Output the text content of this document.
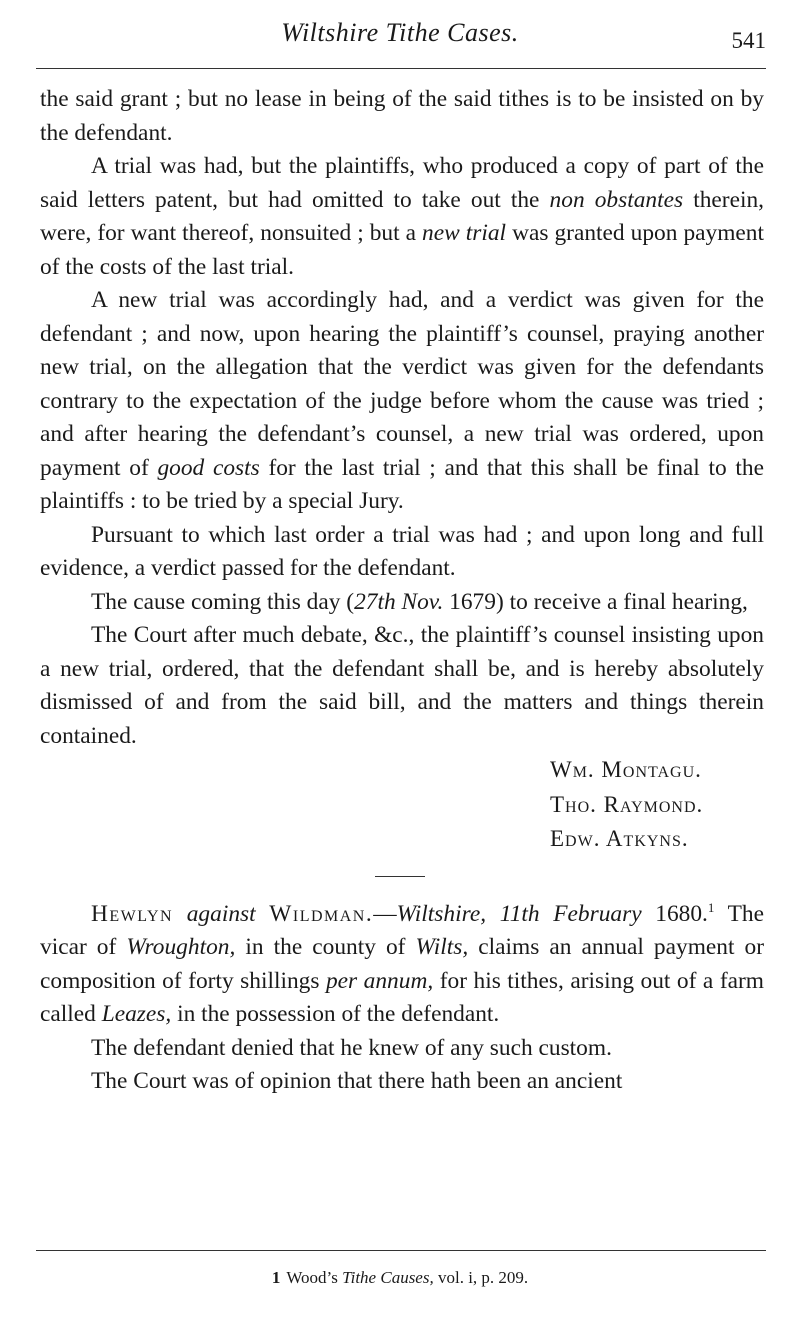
Wiltshire Tithe Cases.	541

the said grant ; but no lease in being of the said tithes is to be insisted on by the defendant.

A trial was had, but the plaintiffs, who produced a copy of part of the said letters patent, but had omitted to take out the non obstantes therein, were, for want thereof, nonsuited ; but a new trial was granted upon payment of the costs of the last trial.

A new trial was accordingly had, and a verdict was given for the defendant ; and now, upon hearing the plaintiff’s counsel, praying another new trial, on the allegation that the verdict was given for the defendants contrary to the expectation of the judge before whom the cause was tried ; and after hearing the defendant’s counsel, a new trial was ordered, upon payment of good costs for the last trial ; and that this shall be final to the plaintiffs : to be tried by a special Jury.

Pursuant to which last order a trial was had ; and upon long and full evidence, a verdict passed for the defendant.

The cause coming this day (27th Nov. 1679) to receive a final hearing,

The Court after much debate, &c., the plaintiff’s counsel insisting upon a new trial, ordered, that the defendant shall be, and is hereby absolutely dismissed of and from the said bill, and the matters and things therein contained.

Wm. Montagu.
Tho. Raymond.
Edw. Atkyns.

Hewlyn against Wildman.—Wiltshire, 11th February 1680.$^1$ The vicar of Wroughton, in the county of Wilts, claims an annual payment or composition of forty shillings per annum, for his tithes, arising out of a farm called Leazes, in the possession of the defendant.

The defendant denied that he knew of any such custom.

The Court was of opinion that there hath been an ancient

1 Wood’s Tithe Causes, vol. i, p. 209.
